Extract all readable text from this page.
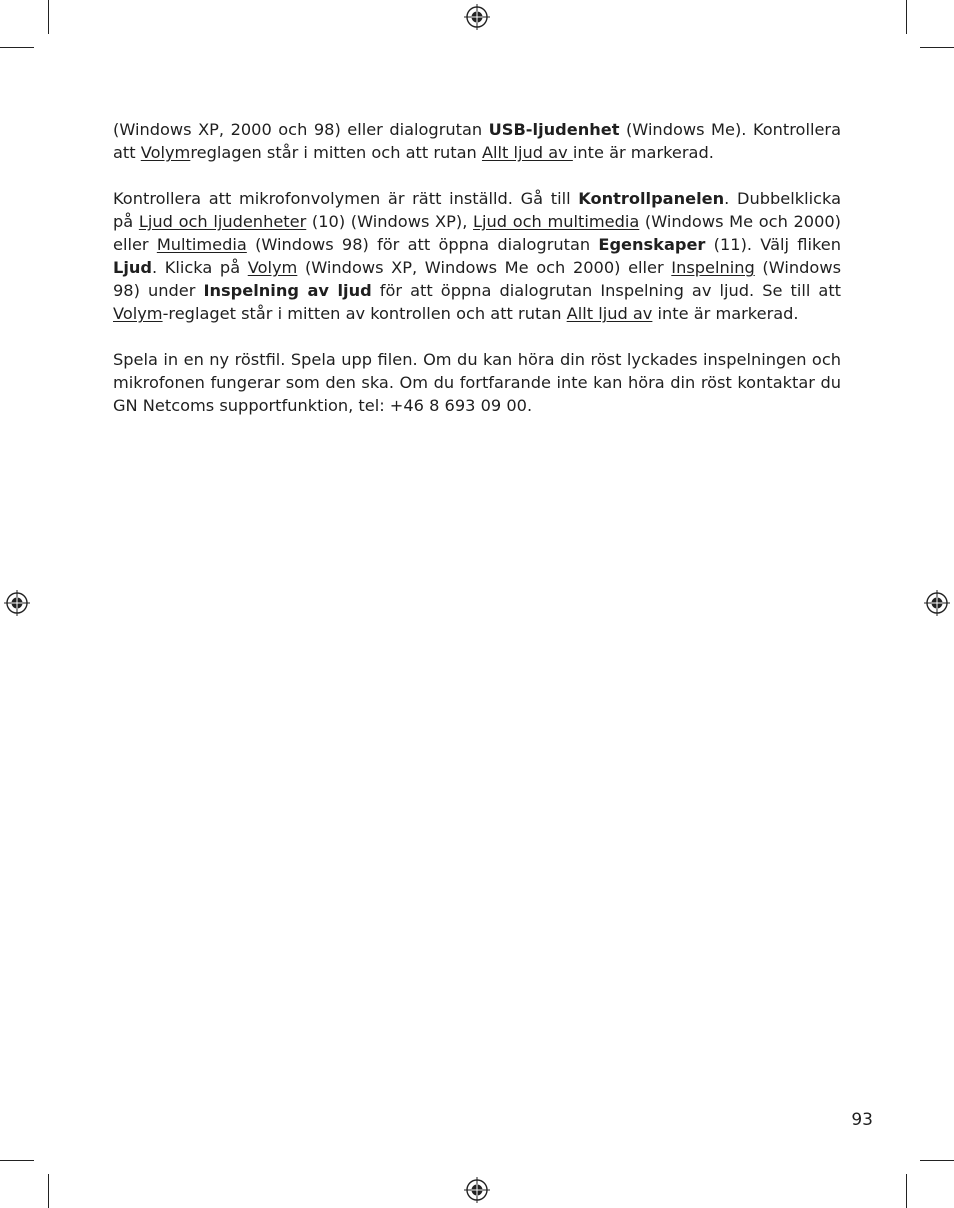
(Windows XP, 2000 och 98) eller dialogrutan USB-ljudenhet (Windows Me). Kontrollera att Volymreglagen står i mitten och att rutan Allt ljud av inte är markerad.

Kontrollera att mikrofonvolymen är rätt inställd. Gå till Kontrollpanelen. Dubbelklicka på Ljud och ljudenheter (10) (Windows XP), Ljud och multimedia (Windows Me och 2000) eller Multimedia (Windows 98) för att öppna dialogrutan Egenskaper (11). Välj fliken Ljud. Klicka på Volym (Windows XP, Windows Me och 2000) eller Inspelning (Windows 98) under Inspelning av ljud för att öppna dialogrutan Inspelning av ljud. Se till att Volym-reglaget står i mitten av kontrollen och att rutan Allt ljud av inte är markerad.

Spela in en ny röstfil. Spela upp filen. Om du kan höra din röst lyckades inspelningen och mikrofonen fungerar som den ska. Om du fortfarande inte kan höra din röst kontaktar du GN Netcoms supportfunktion, tel: +46 8 693 09 00.

93
